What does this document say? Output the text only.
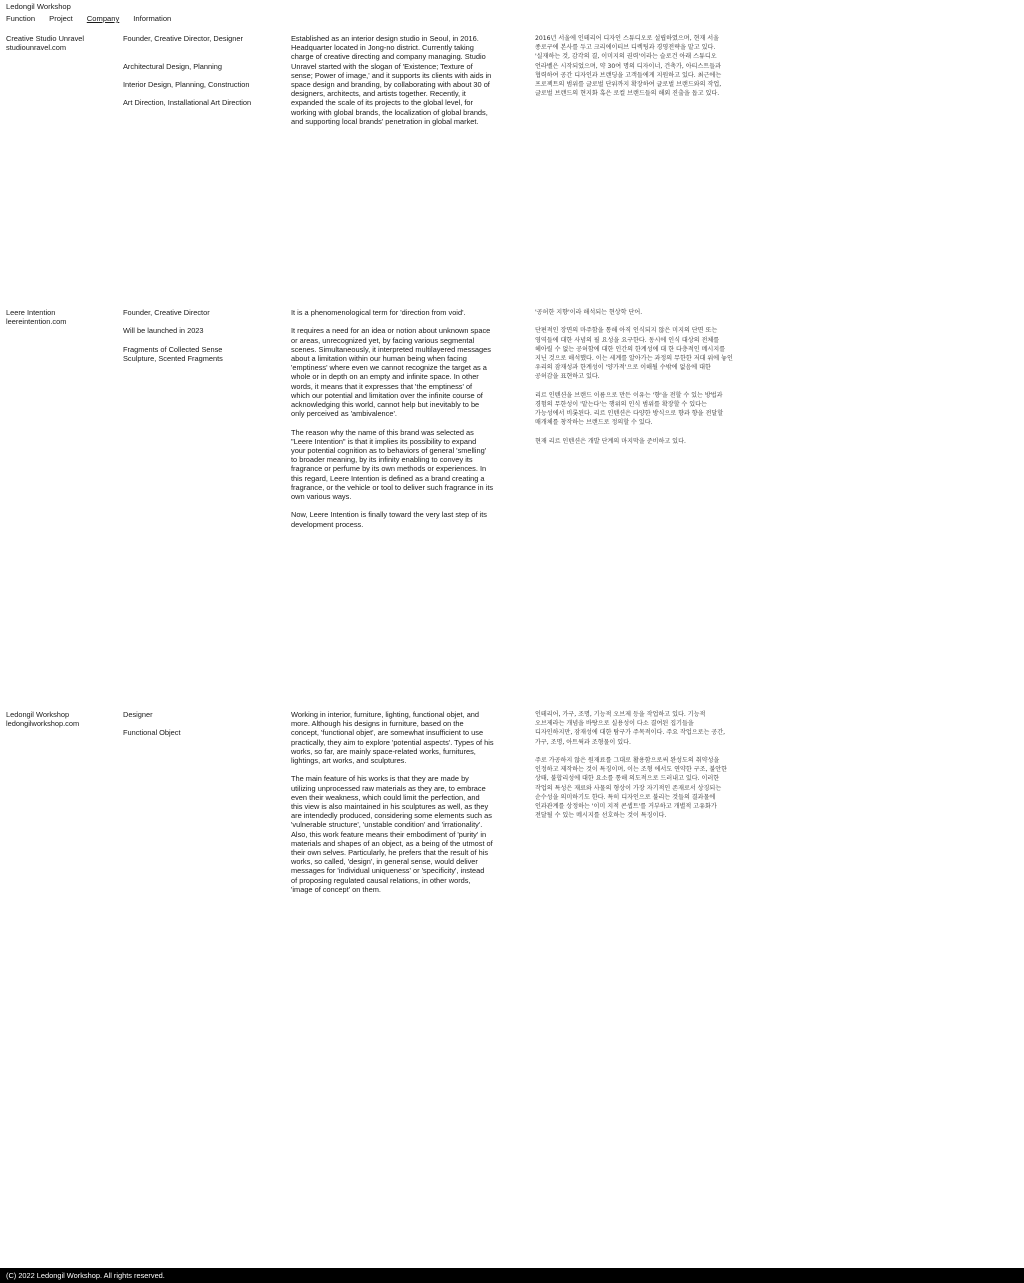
Ledongil Workshop
Function Project Company Information
Creative Studio Unravel
studiounravel.com

Founder, Creative Director, Designer

Architectural Design, Planning

Interior Design, Planning, Construction

Art Direction, Installational Art Direction

Established as an interior design studio in Seoul, in 2016.
Headquarter located in Jong-no district. Currently taking
charge of creative directing and company managing. Studio
Unravel started with the slogan of 'Existence; Texture of
sense; Power of image,' and it supports its clients with aids in
space design and branding, by collaborating with about 30 of
designers, architects, and artists together. Recently, it
expanded the scale of its projects to the global level, for
working with global brands, the localization of global brands,
and supporting local brands' penetration in global market.

2016년 서울에 인테리어 디자인 스튜디오로 설립하였으며, 현재 서울
종로구에 본사를 두고 크리에이티브 디렉팅과 경영전략을 맡고 있다.
'실재하는 것, 감각의 결, 이미지의 권력'이라는 슬로건 아래 스튜디오
언라벨은 시작되었으며, 약 30여 명의 디자이너, 건축가, 아티스트들과
협력하여 공간 디자인과 브랜딩을 고객들에게 지원하고 있다. 최근에는
프로젝트의 범위를 글로벌 단위까지 확장하여 글로벌 브랜드와의 작업,
글로벌 브랜드의 현지화 혹은 로컬 브랜드들의 해외 진출을 돕고 있다.

Leere Intention
leereintention.com

Founder, Creative Director

Will be launched in 2023

Fragments of Collected Sense
Sculpture, Scented Fragments

It is a phenomenological term for 'direction from void'.

It requires a need for an idea or notion about unknown space
or areas, unrecognized yet, by facing various segmental
scenes. Simultaneously, it interpreted multilayered messages
about a limitation within our human being when facing
'emptiness' where even we cannot recognize the target as a
whole or in depth on an empty and infinite space. In other
words, it means that it expresses that 'the emptiness' of
which our potential and limitation over the infinite course of
acknowledging this world, cannot help but inevitably to be
only perceived as 'ambivalence'.

The reason why the name of this brand was selected as
"Leere Intention" is that it implies its possibility to expand
your potential cognition as to behaviors of general 'smelling'
to broader meaning, by its infinity enabling to convey its
fragrance or perfume by its own methods or experiences. In
this regard, Leere Intention is defined as a brand creating a
fragrance, or the vehicle or tool to deliver such fragrance in its
own various ways.

Now, Leere Intention is finally toward the very last step of its
development process.

'공허한 지향'이라 해석되는 현상학 단어.

단편적인 장면의 마주함을 통해 아직 인식되지 않은 미지의 단면 또는
영역들에 대한 사념의 필 요성을 요구한다. 동시에 인식 대상의 전체를
헤아릴 수 없는 공허함에 대한 인간의 한계성에 대 한 다층적인 메시지를
지닌 것으로 해석했다. 이는 세계를 알아가는 과정의 무한한 저대 위에 놓인
우리의 잠재성과 한계성이 '양가적'으로 이해될 수밖에 없음에 대한
공허감을 표현하고 있다.

리르 인텐션을 브랜드 이름으로 만든 이유는 '향'을 전할 수 있는 방법과
경험의 무한성이 '맡는다'는 행위의 인식 범위를 확장할 수 있다는
가능성에서 비롯된다. 리르 인텐션은 다양한 방식으로 향과 향을 전달할
매개체를 창작하는 브랜드로 정의할 수 있다.

현재 리르 인텐션은 개발 단계의 마지막을 준비하고 있다.

Ledongil Workshop
ledongilworkshop.com

Designer

Functional Object

Working in interior, furniture, lighting, functional objet, and
more. Although his designs in furniture, based on the
concept, 'functional objet', are somewhat insufficient to use
practically, they aim to explore 'potential aspects'. Types of his
works, so far, are mainly space-related works, furnitures,
lightings, art works, and sculptures.

The main feature of his works is that they are made by
utilizing unprocessed raw materials as they are, to embrace
even their weakness, which could limit the perfection, and
this view is also maintained in his sculptures as well, as they
are intendedly produced, considering some elements such as
'vulnerable structure', 'unstable condition' and 'irrationality'.
Also, this work feature means their embodiment of 'purity' in
materials and shapes of an object, as a being of the utmost of
their own selves. Particularly, he prefers that the result of his
works, so called, 'design', in general sense, would deliver
messages for 'individual uniqueness' or 'specificity', instead
of proposing regulated causal relations, in other words,
'image of concept' on them.

인테리어, 가구, 조명, 기능적 오브제 등을 작업하고 있다. 기능적
오브제라는 개념을 바탕으로 실용성이 다소 결여된 집기들을
디자인하지만, 잠재성에 대한 탐구가 주목적이다. 주요 작업으로는 공간,
가구, 조명, 아트웍과 조형물이 있다.

주로 가공하지 않은 원재료를 그대로 활용함으로써 완성도의 취약성을
인정하고 제작하는 것이 특징이며, 이는 조형 에서도 연약한 구조, 불안한
상태, 불합리성에 대한 요소를 통해 의도적으로 드러내고 있다. 이러한
작업의 특성은 재료와 사물의 형상이 가장 자기적인 존재로서 상징되는
순수성을 의미하기도 한다. 특히 디자인으로 불리는 것들의 결과물에
인과관계를 상정하는 '이미 지적 콘셉트'를 거부하고 개별적 고유화가
전달될 수 있는 메시지를 선호하는 것이 특징이다.

(C) 2022 Ledongil Workshop. All rights reserved.
